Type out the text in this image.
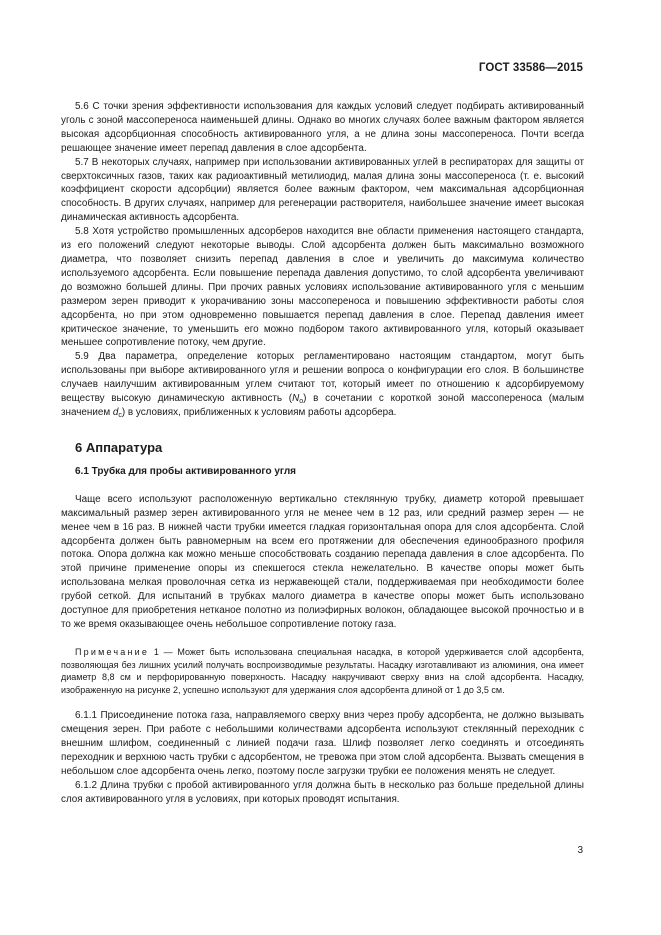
ГОСТ 33586—2015

5.6 С точки зрения эффективности использования для каждых условий следует подбирать активированный уголь с зоной массопереноса наименьшей длины. Однако во многих случаях более важным фактором является высокая адсорбционная способность активированного угля, а не длина зоны массопереноса. Почти всегда решающее значение имеет перепад давления в слое адсорбента.

5.7 В некоторых случаях, например при использовании активированных углей в респираторах для защиты от сверхтоксичных газов, таких как радиоактивный метилиодид, малая длина зоны массопереноса (т. е. высокий коэффициент скорости адсорбции) является более важным фактором, чем максимальная адсорбционная способность. В других случаях, например для регенерации растворителя, наибольшее значение имеет высокая динамическая активность адсорбента.

5.8 Хотя устройство промышленных адсорберов находится вне области применения настоящего стандарта, из его положений следуют некоторые выводы. Слой адсорбента должен быть максимально возможного диаметра, что позволяет снизить перепад давления в слое и увеличить до максимума количество используемого адсорбента. Если повышение перепада давления допустимо, то слой адсорбента увеличивают до возможно большей длины. При прочих равных условиях использование активированного угля с меньшим размером зерен приводит к укорачиванию зоны массопереноса и повышению эффективности работы слоя адсорбента, но при этом одновременно повышается перепад давления в слое. Перепад давления имеет критическое значение, то уменьшить его можно подбором такого активированного угля, который оказывает меньшее сопротивление потоку, чем другие.

5.9 Два параметра, определение которых регламентировано настоящим стандартом, могут быть использованы при выборе активированного угля и решении вопроса о конфигурации его слоя. В большинстве случаев наилучшим активированным углем считают тот, который имеет по отношению к адсорбируемому веществу высокую динамическую активность $(N_o)$ в сочетании с короткой зоной массопереноса (малым значением $d_c$) в условиях, приближенных к условиям работы адсорбера.

6 Аппаратура
6.1 Трубка для пробы активированного угля

Чаще всего используют расположенную вертикально стеклянную трубку, диаметр которой превышает максимальный размер зерен активированного угля не менее чем в 12 раз, или средний размер зерен — не менее чем в 16 раз. В нижней части трубки имеется гладкая горизонтальная опора для слоя адсорбента. Слой адсорбента должен быть равномерным на всем его протяжении для обеспечения единообразного профиля потока. Опора должна как можно меньше способствовать созданию перепада давления в слое адсорбента. По этой причине применение опоры из спекшегося стекла нежелательно. В качестве опоры может быть использована мелкая проволочная сетка из нержавеющей стали, поддерживаемая при необходимости более грубой сеткой. Для испытаний в трубках малого диаметра в качестве опоры может быть использовано доступное для приобретения нетканое полотно из полиэфирных волокон, обладающее высокой прочностью и в то же время оказывающее очень небольшое сопротивление потоку газа.

Примечание 1 — Может быть использована специальная насадка, в которой удерживается слой адсорбента, позволяющая без лишних усилий получать воспроизводимые результаты. Насадку изготавливают из алюминия, она имеет диаметр 8,8 см и перфорированную поверхность. Насадку накручивают сверху вниз на слой адсорбента. Насадку, изображенную на рисунке 2, успешно используют для удержания слоя адсорбента длиной от 1 до 3,5 см.

6.1.1 Присоединение потока газа, направляемого сверху вниз через пробу адсорбента, не должно вызывать смещения зерен. При работе с небольшими количествами адсорбента используют стеклянный переходник с внешним шлифом, соединенный с линией подачи газа. Шлиф позволяет легко соединять и отсоединять переходник и верхнюю часть трубки с адсорбентом, не тревожа при этом слой адсорбента. Вызвать смещения в небольшом слое адсорбента очень легко, поэтому после загрузки трубки ее положения менять не следует.

6.1.2 Длина трубки с пробой активированного угля должна быть в несколько раз больше предельной длины слоя активированного угля в условиях, при которых проводят испытания.

3
